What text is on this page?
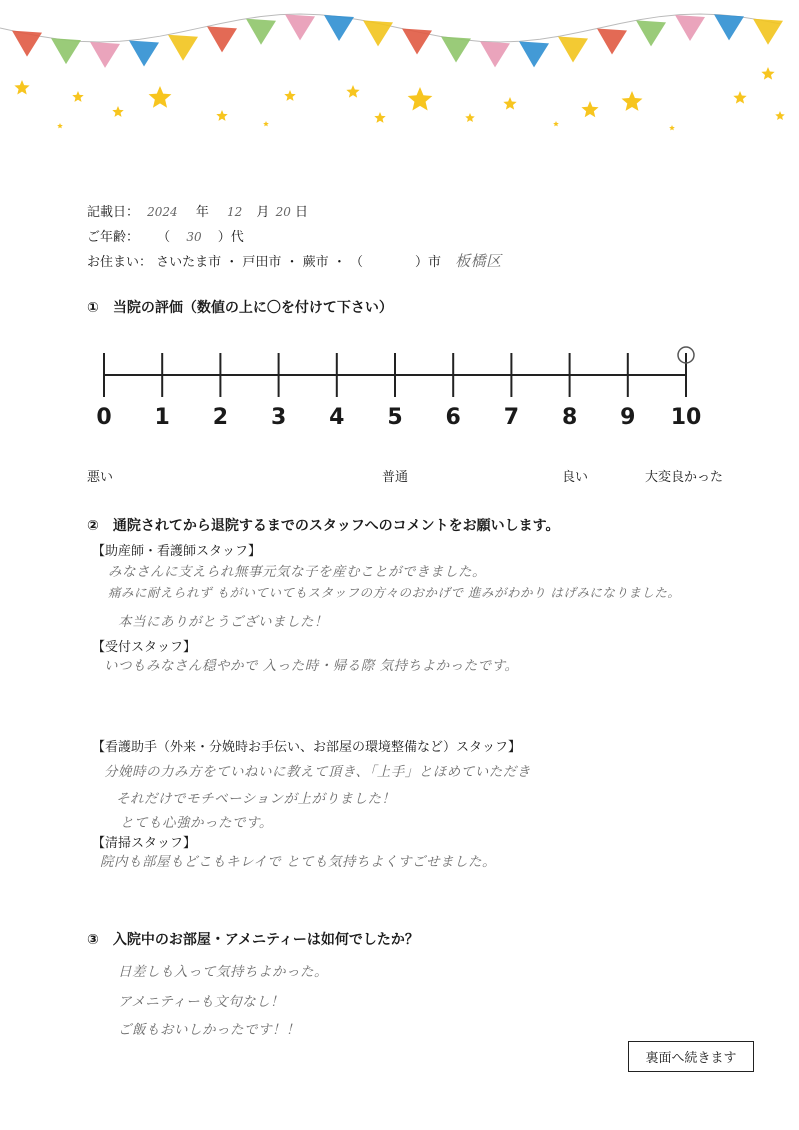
記載日： 2024 年 12 月 20 日
ご年齢： （ 30 ）代
お住まい： さいたま市 ・ 戸田市 ・ 蕨市 ・ （　　　　）市 板橋区
①　当院の評価（数値の上に〇を付けて下さい）
0	1	2	3	4	5	6	7	8	9	10
悪い	普通	良い	大変良かった
②　通院されてから退院するまでのスタッフへのコメントをお願いします。
【助産師・看護師スタッフ】
みなさんに支えられ無事元気な子を産むことができました。
痛みに耐えられず もがいていてもスタッフの方々のおかげで 進みがわかり はげみになりました。
本当にありがとうございました！
【受付スタッフ】
いつもみなさん穏やかで 入った時・帰る際 気持ちよかったです。
【看護助手（外来・分娩時お手伝い、お部屋の環境整備など）スタッフ】
分娩時の力み方をていねいに教えて頂き、「上手」とほめていただき
それだけでモチベーションが上がりました！
とても心強かったです。
【清掃スタッフ】
院内も部屋もどこもキレイで とても気持ちよくすごせました。
③　入院中のお部屋・アメニティーは如何でしたか？
日差しも入って気持ちよかった。
アメニティーも文句なし！
ご飯もおいしかったです！！
裏面へ続きます
